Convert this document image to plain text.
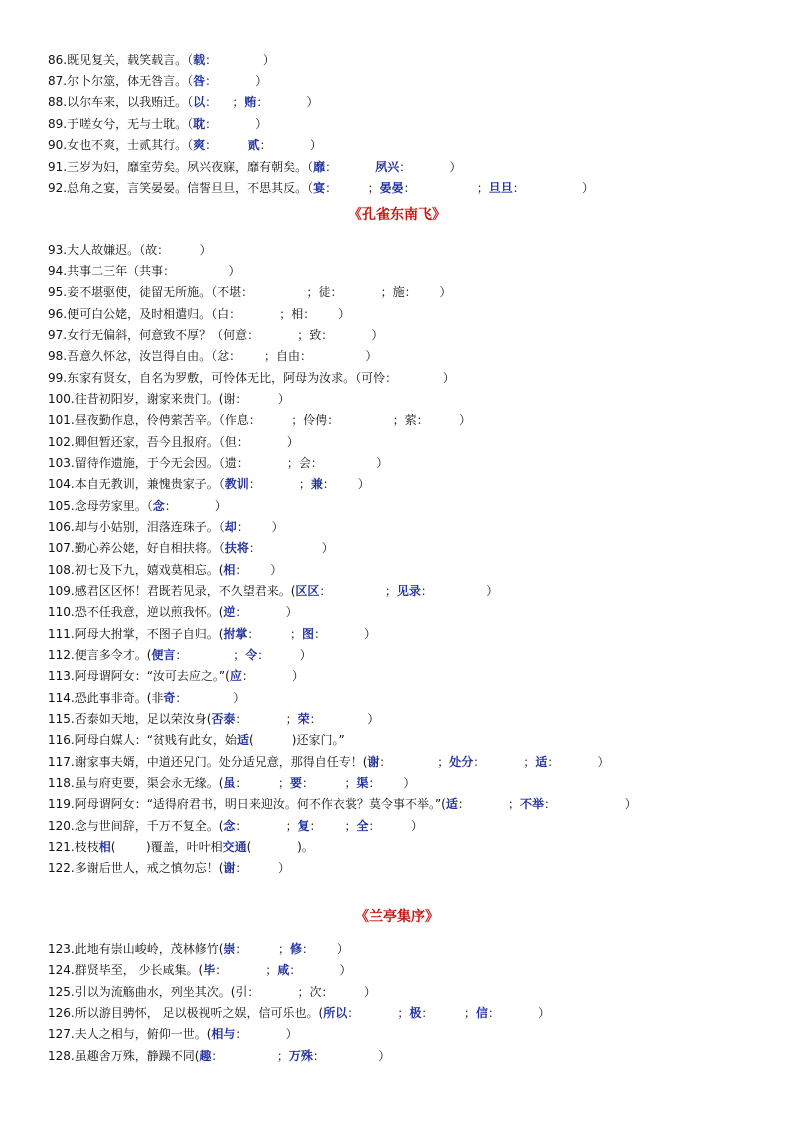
86.既见复关，载笑载言。（载：            ）
87.尔卜尔筮，体无咎言。（咎：          ）
88.以尔车来，以我贿迁。（以：    ；贿：          ）
89.于嗟女兮，无与士耽。（耽：          ）
90.女也不爽，士贰其行。（爽：        贰：          ）
91.三岁为妇，靡室劳矣。夙兴夜寐，靡有朝矣。（靡：          夙兴：          ）
92.总角之宴，言笑晏晏。信誓旦旦，不思其反。（宴：        ；晏晏：                ；旦旦：               ）
《孔雀东南飞》
93.大人故嫌迟。（故：        ）
94.共事二三年（共事：              ）
95.妾不堪驱使，徒留无所施。（不堪：              ；徒：          ；施：      ）
96.便可白公姥，及时相遣归。（白：          ；相：      ）
97.女行无偏斜，何意致不厚？（何意：          ；致：          ）
98.吾意久怀忿，汝岂得自由。（忿：      ；自由：              ）
99.东家有贤女，自名为罗敷，可怜体无比，阿母为汝求。（可怜：            ）
100.往昔初阳岁，谢家来贵门。(谢：        ）
101.昼夜勤作息，伶俜萦苦辛。（作息：        ；伶俜：              ；萦：        ）
102.卿但暂还家，吾今且报府。（但：          ）
103.留待作遗施，于今无会因。（遗：          ；会：              ）
104.本自无教训，兼愧贵家子。（教训：          ；兼：      ）
105.念母劳家里。（念：          ）
106.却与小姑别，泪落连珠子。（却：      ）
107.勤心养公姥，好自相扶将。（扶将：                ）
108.初七及下九，嬉戏莫相忘。(相：      ）
109.感君区区怀！君既若见录，不久望君来。(区区：              ；见录：              ）
110.恐不任我意，逆以煎我怀。(逆：          ）
111.阿母大拊掌，不图子自归。(拊掌：        ；图：          ）
112.便言多令才。(便言：            ；令：        ）
113.阿母谓阿女：“汝可去应之。”(应：          ）
114.恐此事非奇。(非奇：            ）
115.否泰如天地，足以荣汝身(否泰：          ；荣：            ）
116.阿母白媒人：“贫贱有此女，始适(          )还家门。”
117.谢家事夫婿，中道还兄门。处分适兄意，那得自任专！(谢：            ；处分：          ；适：          ）
118.虽与府吏要，渠会永无缘。(虽：        ；要：        ；渠：      ）
119.阿母谓阿女：“适得府君书，明日来迎汝。何不作衣裳？莫令事不举。”(适：          ；不举：                  ）
120.念与世间辞，千万不复全。(念：          ；复：      ；全：        ）
121.枝枝相(        )覆盖，叶叶相交通(            )。
122.多谢后世人，戒之慎勿忘！(谢：        ）
《兰亭集序》
123.此地有崇山峻岭，茂林修竹(崇：        ；修：      ）
124.群贤毕至， 少长咸集。(毕：          ；咸：          ）
125.引以为流觞曲水，列坐其次。(引：          ；次：        ）
126.所以游目骋怀， 足以极视听之娱，信可乐也。(所以：          ；极：        ；信：          ）
127.夫人之相与，俯仰一世。(相与：          ）
128.虽趣舍万殊，静躁不同(趣：              ；万殊：              ）
